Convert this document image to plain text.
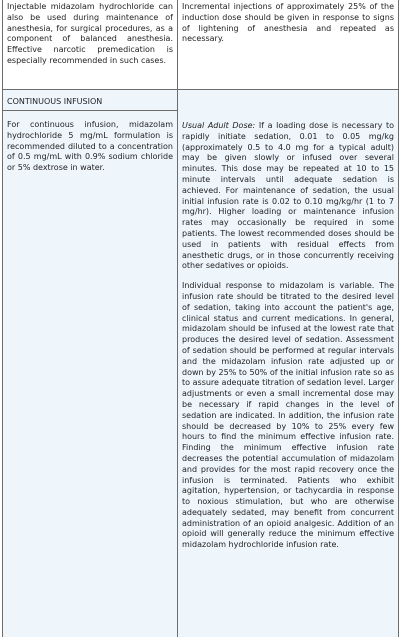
Injectable midazolam hydrochloride can also be used during maintenance of anesthesia, for surgical procedures, as a component of balanced anesthesia. Effective narcotic premedication is especially recommended in such cases.

Incremental injections of approximately 25% of the induction dose should be given in response to signs of lightening of anesthesia and repeated as necessary.

CONTINUOUS INFUSION

For continuous infusion, midazolam hydrochloride 5 mg/mL formulation is recommended diluted to a concentration of 0.5 mg/mL with 0.9% sodium chloride or 5% dextrose in water.

Usual Adult Dose: If a loading dose is necessary to rapidly initiate sedation, 0.01 to 0.05 mg/kg (approximately 0.5 to 4.0 mg for a typical adult) may be given slowly or infused over several minutes. This dose may be repeated at 10 to 15 minute intervals until adequate sedation is achieved. For maintenance of sedation, the usual initial infusion rate is 0.02 to 0.10 mg/kg/hr (1 to 7 mg/hr). Higher loading or maintenance infusion rates may occasionally be required in some patients. The lowest recommended doses should be used in patients with residual effects from anesthetic drugs, or in those concurrently receiving other sedatives or opioids.

Individual response to midazolam is variable. The infusion rate should be titrated to the desired level of sedation, taking into account the patient's age, clinical status and current medications. In general, midazolam should be infused at the lowest rate that produces the desired level of sedation. Assessment of sedation should be performed at regular intervals and the midazolam infusion rate adjusted up or down by 25% to 50% of the initial infusion rate so as to assure adequate titration of sedation level. Larger adjustments or even a small incremental dose may be necessary if rapid changes in the level of sedation are indicated. In addition, the infusion rate should be decreased by 10% to 25% every few hours to find the minimum effective infusion rate. Finding the minimum effective infusion rate decreases the potential accumulation of midazolam and provides for the most rapid recovery once the infusion is terminated. Patients who exhibit agitation, hypertension, or tachycardia in response to noxious stimulation, but who are otherwise adequately sedated, may benefit from concurrent administration of an opioid analgesic. Addition of an opioid will generally reduce the minimum effective midazolam hydrochloride infusion rate.
